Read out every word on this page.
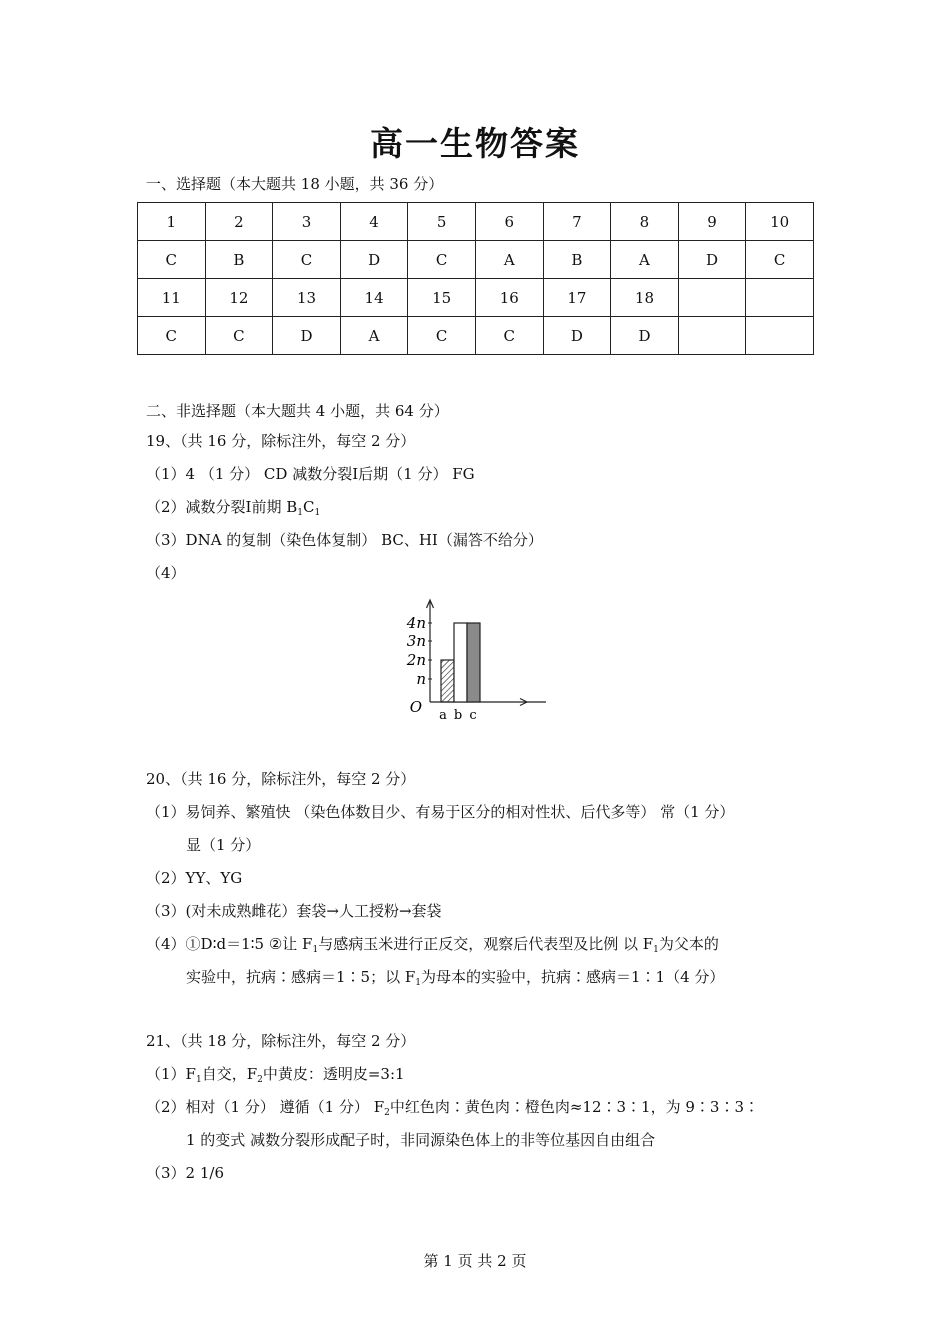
高一生物答案
一、选择题（本大题共 18 小题，共 36 分）
1	2	3	4	5	6	7	8	9	10
C	B	C	D	C	A	B	A	D	C
11	12	13	14	15	16	17	18		
C	C	D	A	C	C	D	D		
二、非选择题（本大题共 4 小题，共 64 分）
19、（共 16 分，除标注外，每空 2 分）
（1）4 （1 分） CD 减数分裂Ⅰ后期（1 分） FG
（2）减数分裂Ⅰ前期 $B_1C_1$
（3）DNA 的复制（染色体复制） BC、HI（漏答不给分）
（4）
4n
3n
2n
n
O a b c
20、（共 16 分，除标注外，每空 2 分）
（1）易饲养、繁殖快 （染色体数目少、有易于区分的相对性状、后代多等） 常（1 分）
显（1 分）
（2）YY、YG
（3）(对未成熟雌花）套袋→人工授粉→套袋
（4）①D∶d＝1∶5 ②让 $F_1$与感病玉米进行正反交，观察后代表型及比例 以 $F_1$为父本的
实验中，抗病∶感病＝1∶5；以 $F_1$为母本的实验中，抗病∶感病＝1∶1（4 分）
21、（共 18 分，除标注外，每空 2 分）
$(1)F_1$自交，$F_2$中黄皮：透明皮=3:1
（2）相对（1 分） 遵循（1 分） $F_2$中红色肉∶黄色肉∶橙色肉≈12∶3∶1，为 9∶3∶3∶
1 的变式 减数分裂形成配子时，非同源染色体上的非等位基因自由组合
（3）2 1/6
第 1 页 共 2 页
